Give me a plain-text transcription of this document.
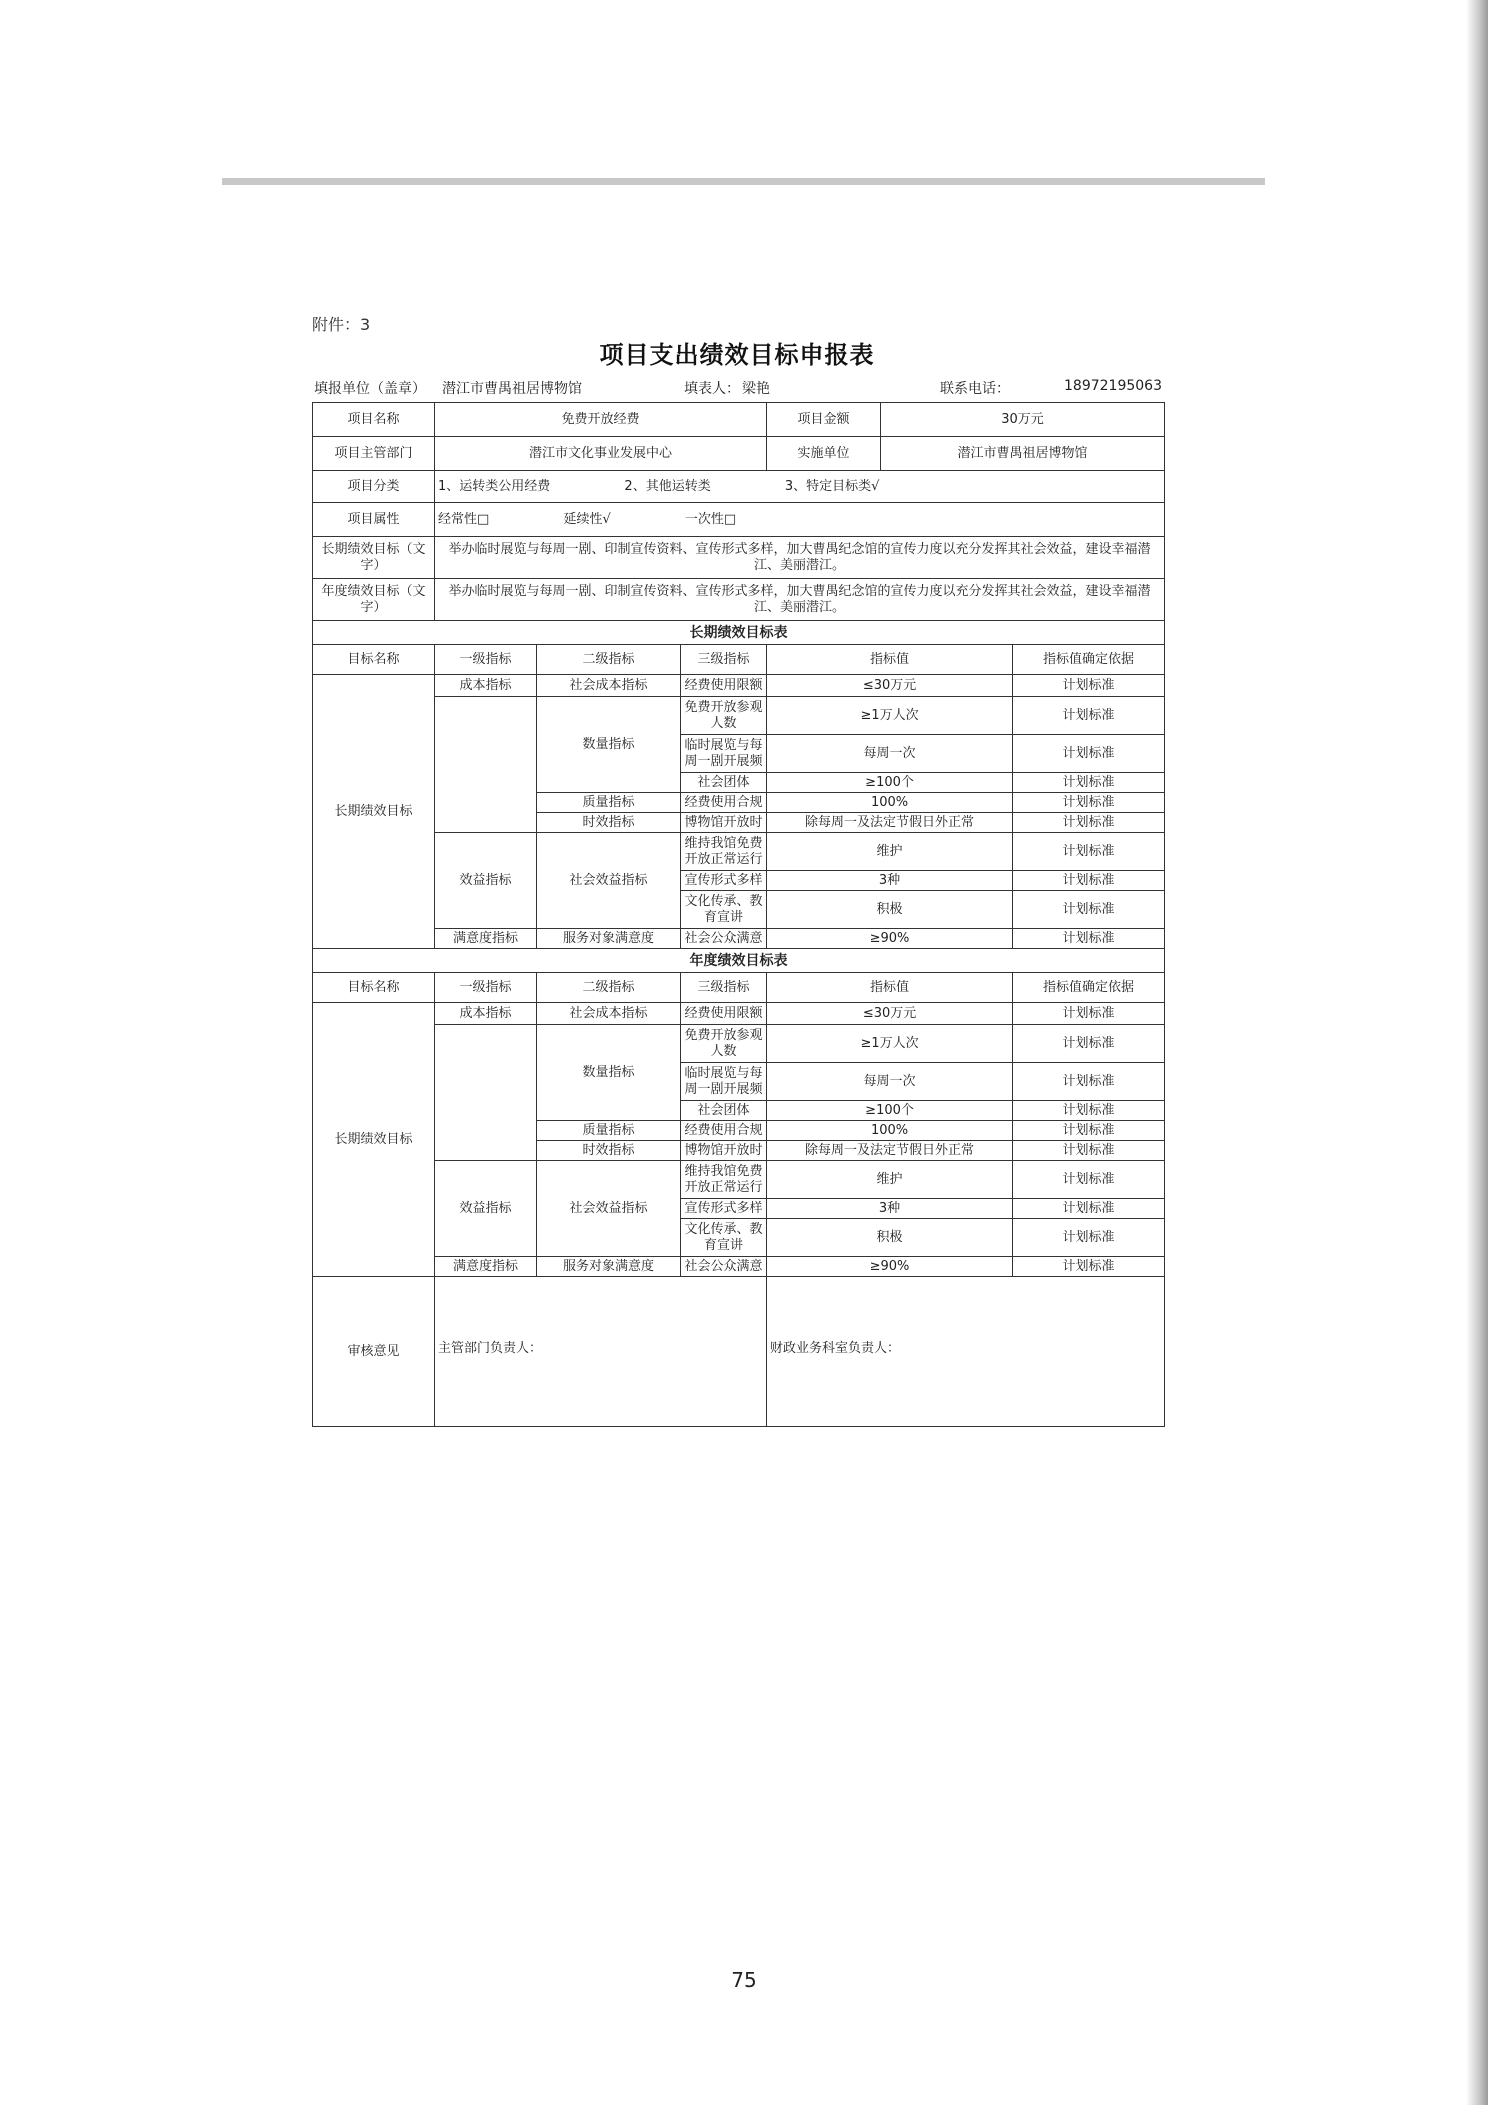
附件：3
项目支出绩效目标申报表
填报单位（盖章） 潜江市曹禺祖居博物馆	填表人： 梁艳	联系电话：	18972195063
项目名称	免费开放经费			项目金额	30万元	
项目主管部门	潜江市文化事业发展中心			实施单位	潜江市曹禺祖居博物馆	
项目分类	1、运转类公用经费 2、其他运转类 3、特定目标类√					
项目属性	经常性□ 延续性√ 一次性□					
长期绩效目标（文字）	举办临时展览与每周一剧、印制宣传资料、宣传形式多样，加大曹禺纪念馆的宣传力度以充分发挥其社会效益，建设幸福潜江、美丽潜江。					
年度绩效目标（文字）	举办临时展览与每周一剧、印制宣传资料、宣传形式多样，加大曹禺纪念馆的宣传力度以充分发挥其社会效益，建设幸福潜江、美丽潜江。					
长期绩效目标表						
目标名称	一级指标	二级指标	三级指标	指标值		指标值确定依据
长期绩效目标	成本指标	社会成本指标	经费使用限额	≤30万元		计划标准
		数量指标	免费开放参观人数	≥1万人次		计划标准
			临时展览与每周一剧开展频	每周一次		计划标准
			社会团体	≥100个		计划标准
		质量指标	经费使用合规	100%		计划标准
		时效指标	博物馆开放时	除每周一及法定节假日外正常		计划标准
	效益指标	社会效益指标	维持我馆免费开放正常运行	维护		计划标准
			宣传形式多样	3种		计划标准
			文化传承、教育宣讲	积极		计划标准
	满意度指标	服务对象满意度	社会公众满意	≥90%		计划标准
年度绩效目标表						
目标名称	一级指标	二级指标	三级指标	指标值		指标值确定依据
长期绩效目标	成本指标	社会成本指标	经费使用限额	≤30万元		计划标准
		数量指标	免费开放参观人数	≥1万人次		计划标准
			临时展览与每周一剧开展频	每周一次		计划标准
			社会团体	≥100个		计划标准
		质量指标	经费使用合规	100%		计划标准
		时效指标	博物馆开放时	除每周一及法定节假日外正常		计划标准
	效益指标	社会效益指标	维持我馆免费开放正常运行	维护		计划标准
			宣传形式多样	3种		计划标准
			文化传承、教育宣讲	积极		计划标准
	满意度指标	服务对象满意度	社会公众满意	≥90%		计划标准
审核意见	主管部门负责人：			财政业务科室负责人：		
75
